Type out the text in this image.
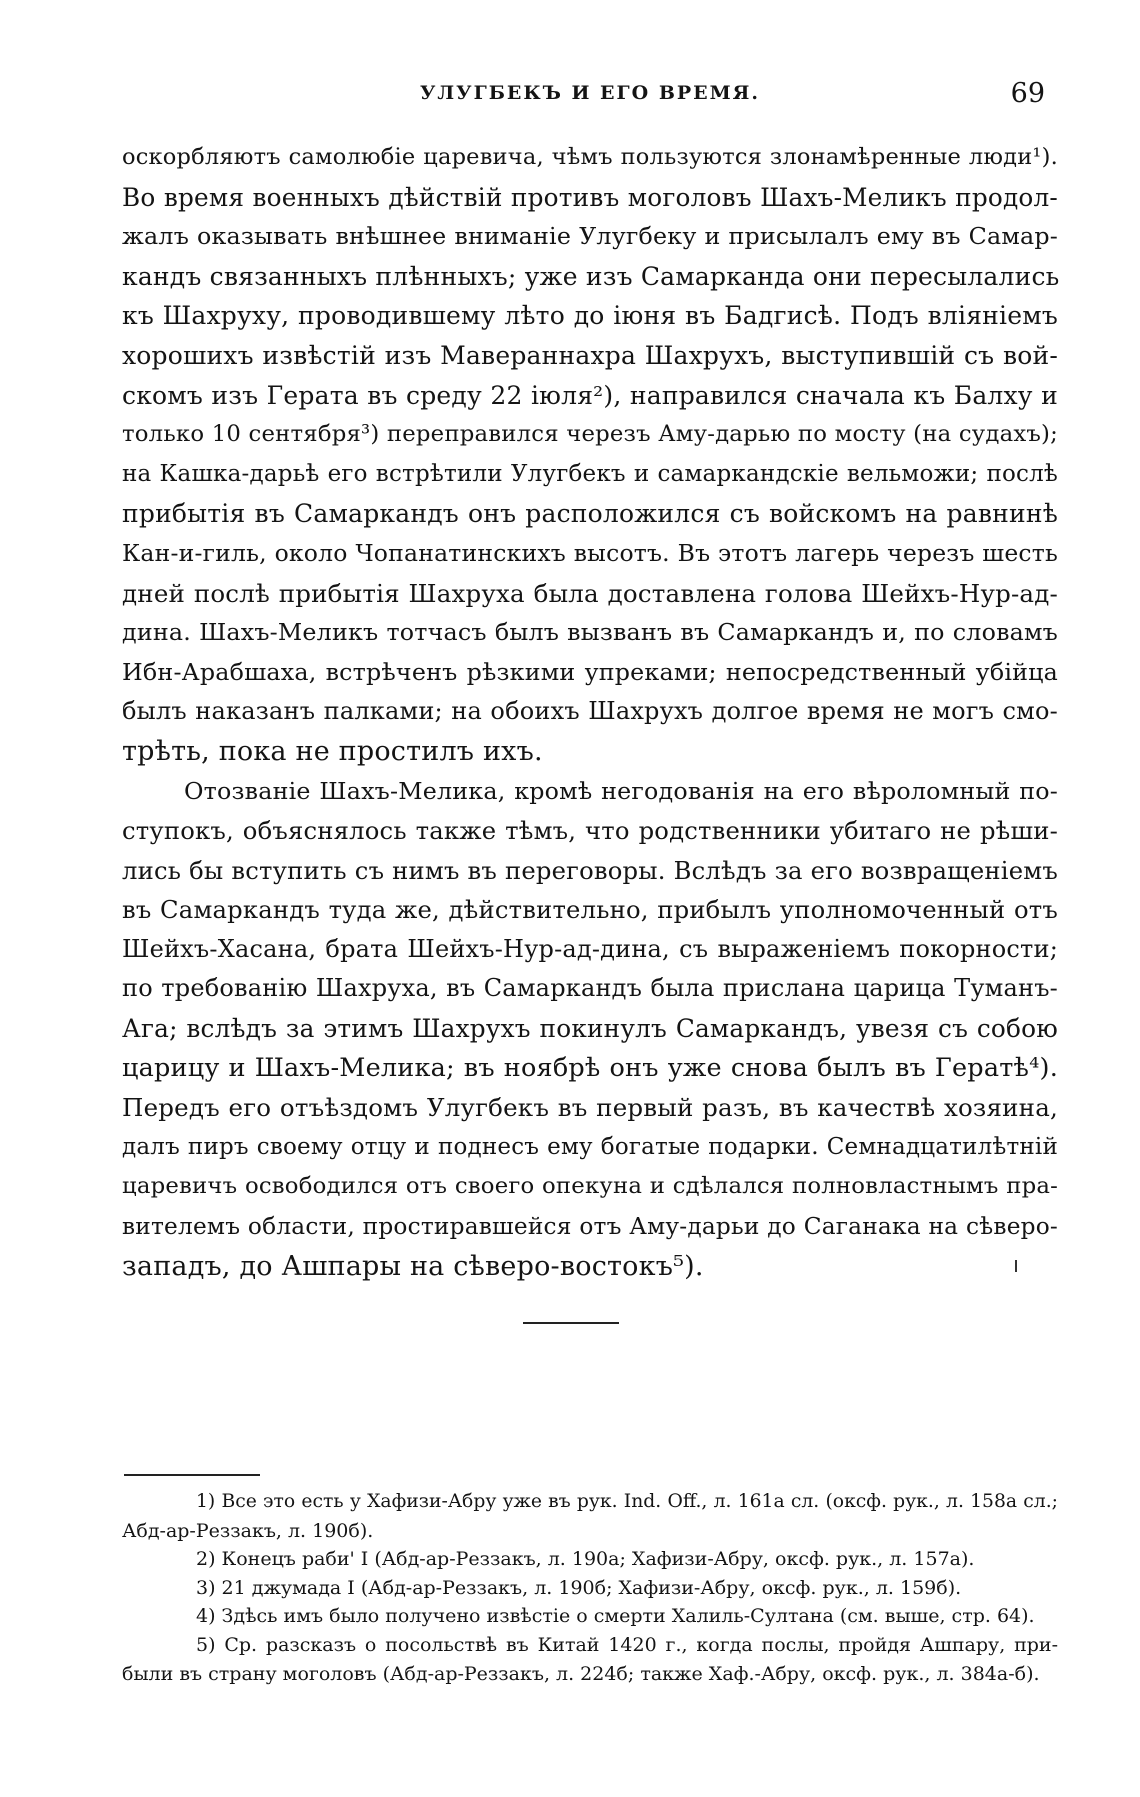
УЛУГБЕКЪ И ЕГО ВРЕМЯ.	69
оскорбляютъ самолюбіе царевича, чѣмъ пользуются злонамѣренные люди¹).
Во время военныхъ дѣйствій противъ моголовъ Шахъ-Меликъ продол-
жалъ оказывать внѣшнее вниманіе Улугбеку и присылалъ ему въ Самар-
кандъ связанныхъ плѣнныхъ; уже изъ Самарканда они пересылались
къ Шахруху, проводившему лѣто до іюня въ Бадгисѣ. Подъ вліяніемъ
хорошихъ извѣстій изъ Мавераннахра Шахрухъ, выступившій съ вой-
скомъ изъ Герата въ среду 22 іюля²), направился сначала къ Балху и
только 10 сентября³) переправился черезъ Аму-дарью по мосту (на судахъ);
на Кашка-дарьѣ его встрѣтили Улугбекъ и самаркандскіе вельможи; послѣ
прибытія въ Самаркандъ онъ расположился съ войскомъ на равнинѣ
Кан-и-гиль, около Чопанатинскихъ высотъ. Въ этотъ лагерь черезъ шесть
дней послѣ прибытія Шахруха была доставлена голова Шейхъ-Нур-ад-
дина. Шахъ-Меликъ тотчасъ былъ вызванъ въ Самаркандъ и, по словамъ
Ибн-Арабшаха, встрѣченъ рѣзкими упреками; непосредственный убійца
былъ наказанъ палками; на обоихъ Шахрухъ долгое время не могъ смо-
трѣть, пока не простилъ ихъ.
Отозваніе Шахъ-Мелика, кромѣ негодованія на его вѣроломный по-
ступокъ, объяснялось также тѣмъ, что родственники убитаго не рѣши-
лись бы вступить съ нимъ въ переговоры. Вслѣдъ за его возвращеніемъ
въ Самаркандъ туда же, дѣйствительно, прибылъ уполномоченный отъ
Шейхъ-Хасана, брата Шейхъ-Нур-ад-дина, съ выраженіемъ покорности;
по требованію Шахруха, въ Самаркандъ была прислана царица Туманъ-
Ага; вслѣдъ за этимъ Шахрухъ покинулъ Самаркандъ, увезя съ собою
царицу и Шахъ-Мелика; въ ноябрѣ онъ уже снова былъ въ Гератѣ⁴).
Передъ его отъѣздомъ Улугбекъ въ первый разъ, въ качествѣ хозяина,
далъ пиръ своему отцу и поднесъ ему богатые подарки. Семнадцатилѣтній
царевичъ освободился отъ своего опекуна и сдѣлался полновластнымъ пра-
вителемъ области, простиравшейся отъ Аму-дарьи до Саганака на сѣверо-
западъ, до Ашпары на сѣверо-востокъ⁵).
1) Все это есть у Хафизи-Абру уже въ рук. Ind. Off., л. 161а сл. (оксф. рук., л. 158а сл.;
Абд-ар-Реззакъ, л. 190б).
2) Конецъ раби' I (Абд-ар-Реззакъ, л. 190а; Хафизи-Абру, оксф. рук., л. 157а).
3) 21 джумада I (Абд-ар-Реззакъ, л. 190б; Хафизи-Абру, оксф. рук., л. 159б).
4) Здѣсь имъ было получено извѣстіе о смерти Халиль-Султана (см. выше, стр. 64).
5) Ср. разсказъ о посольствѣ въ Китай 1420 г., когда послы, пройдя Ашпару, при-
были въ страну моголовъ (Абд-ар-Реззакъ, л. 224б; также Хаф.-Абру, оксф. рук., л. 384а-б).
